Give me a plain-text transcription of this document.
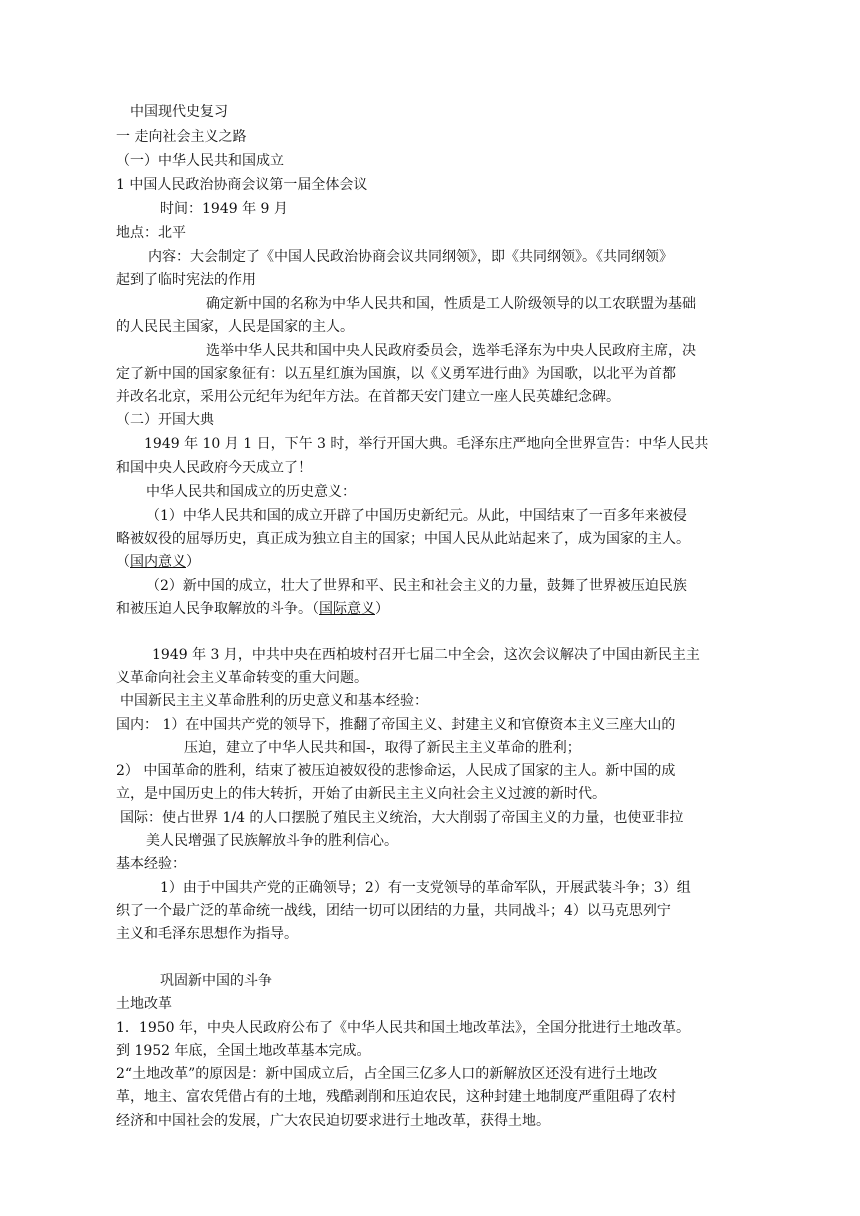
中国现代史复习

一 走向社会主义之路

（一）中华人民共和国成立

1 中国人民政治协商会议第一届全体会议

时间：1949 年 9 月

地点：北平

内容：大会制定了《中国人民政治协商会议共同纲领》，即《共同纲领》。《共同纲领》

起到了临时宪法的作用

确定新中国的名称为中华人民共和国，性质是工人阶级领导的以工农联盟为基础

的人民民主国家，人民是国家的主人。

选举中华人民共和国中央人民政府委员会，选举毛泽东为中央人民政府主席，决

定了新中国的国家象征有：以五星红旗为国旗，以《义勇军进行曲》为国歌，以北平为首都

并改名北京，采用公元纪年为纪年方法。在首都天安门建立一座人民英雄纪念碑。

（二）开国大典

1949 年 10 月 1 日，下午 3 时，举行开国大典。毛泽东庄严地向全世界宣告：中华人民共

和国中央人民政府今天成立了！

中华人民共和国成立的历史意义：

（1）中华人民共和国的成立开辟了中国历史新纪元。从此，中国结束了一百多年来被侵

略被奴役的屈辱历史，真正成为独立自主的国家；中国人民从此站起来了，成为国家的主人。

（国内意义）

（2）新中国的成立，壮大了世界和平、民主和社会主义的力量，鼓舞了世界被压迫民族

和被压迫人民争取解放的斗争。（国际意义）

1949 年 3 月，中共中央在西柏坡村召开七届二中全会，这次会议解决了中国由新民主主

义革命向社会主义革命转变的重大问题。

中国新民主主义革命胜利的历史意义和基本经验：

国内： 1）在中国共产党的领导下，推翻了帝国主义、封建主义和官僚资本主义三座大山的

压迫，建立了中华人民共和国-，取得了新民主主义革命的胜利；

2） 中国革命的胜利，结束了被压迫被奴役的悲惨命运，人民成了国家的主人。新中国的成

立，是中国历史上的伟大转折，开始了由新民主主义向社会主义过渡的新时代。

国际：使占世界 1/4 的人口摆脱了殖民主义统治，大大削弱了帝国主义的力量，也使亚非拉

美人民增强了民族解放斗争的胜利信心。

基本经验：

1）由于中国共产党的正确领导；2）有一支党领导的革命军队，开展武装斗争；3）组

织了一个最广泛的革命统一战线，团结一切可以团结的力量，共同战斗；4）以马克思列宁

主义和毛泽东思想作为指导。

巩固新中国的斗争

土地改革

1．1950 年，中央人民政府公布了《中华人民共和国土地改革法》，全国分批进行土地改革。

到 1952 年底，全国土地改革基本完成。

2“土地改革”的原因是：新中国成立后，占全国三亿多人口的新解放区还没有进行土地改

革，地主、富农凭借占有的土地，残酷剥削和压迫农民，这种封建土地制度严重阻碍了农村

经济和中国社会的发展，广大农民迫切要求进行土地改革，获得土地。
